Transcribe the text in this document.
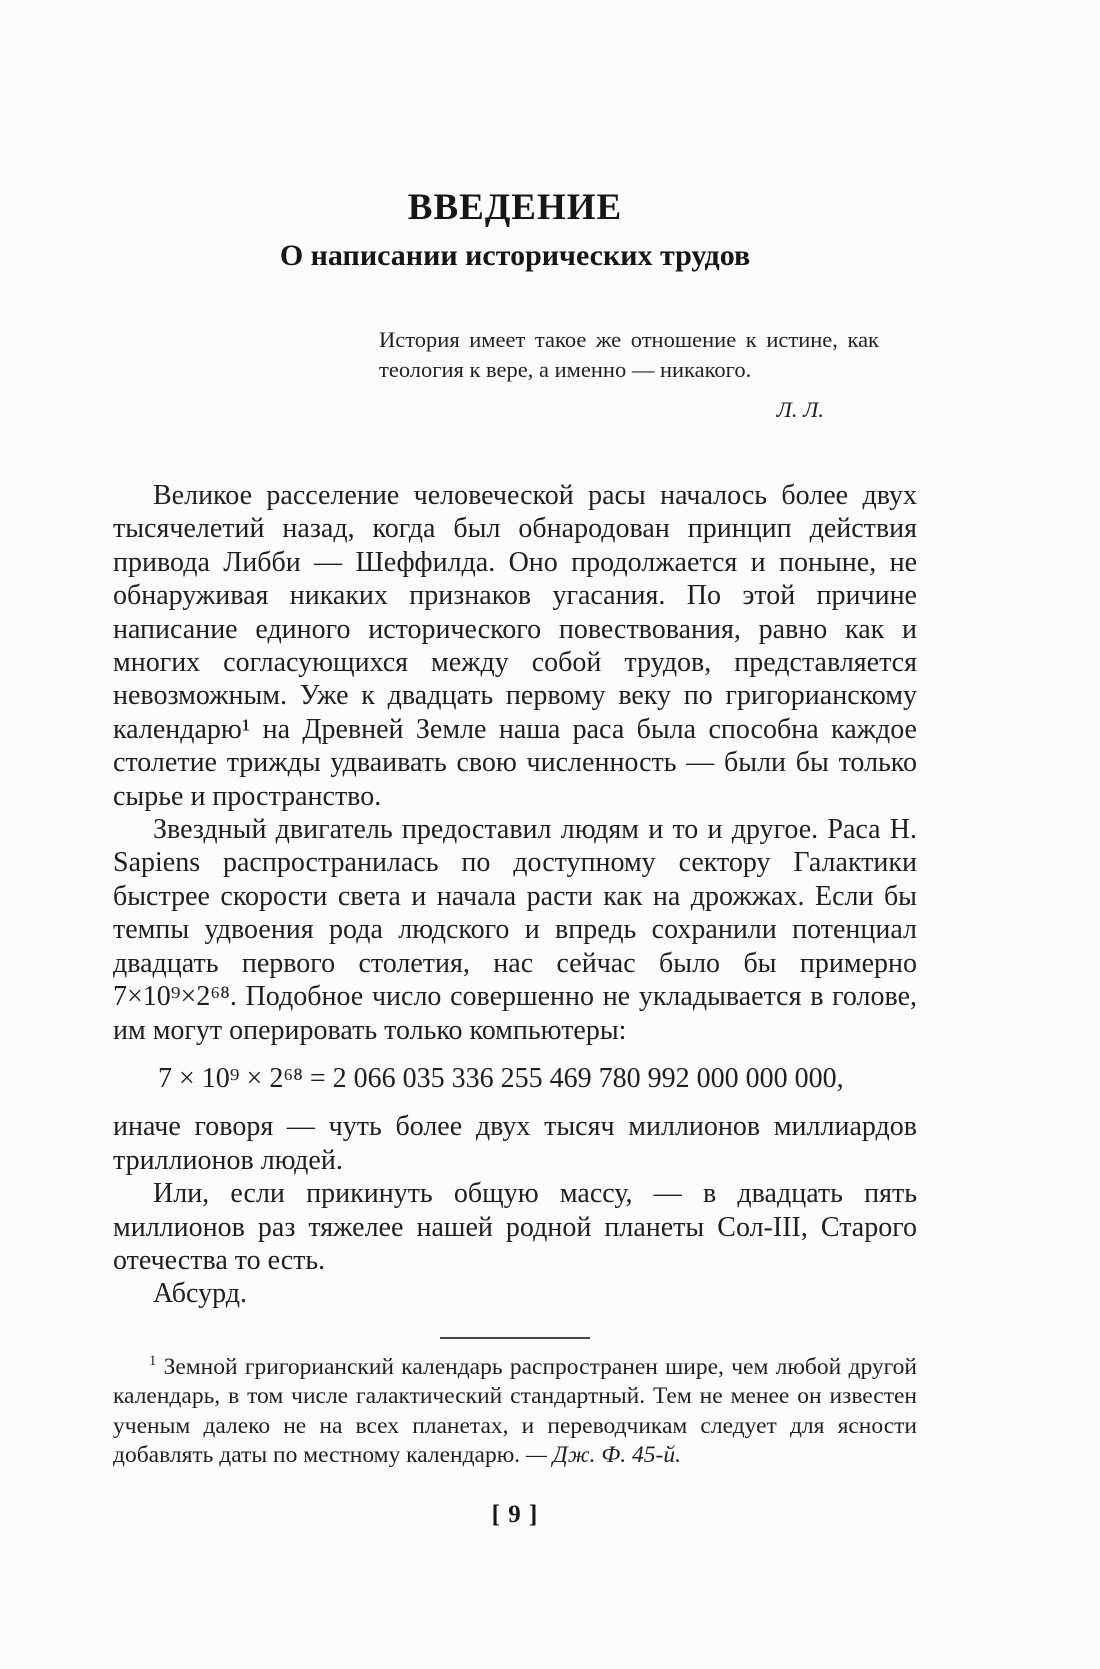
ВВЕДЕНИЕ
О написании исторических трудов

История имеет такое же отношение к истине, как теология к вере, а именно — никакого.

Л. Л.

Великое расселение человеческой расы началось более двух тысячелетий назад, когда был обнародован принцип действия привода Либби — Шеффилда. Оно продолжается и поныне, не обнаруживая никаких признаков угасания. По этой причине написание единого исторического повествования, равно как и многих согласующихся между собой трудов, представляется невозможным. Уже к двадцать первому веку по григорианскому календарю¹ на Древней Земле наша раса была способна каждое столетие трижды удваивать свою численность — были бы только сырье и пространство.

Звездный двигатель предоставил людям и то и другое. Раса H. Sapiens распространилась по доступному сектору Галактики быстрее скорости света и начала расти как на дрожжах. Если бы темпы удвоения рода людского и впредь сохранили потенциал двадцать первого столетия, нас сейчас было бы примерно 7×10⁹×2⁶⁸. Подобное число совершенно не укладывается в голове, им могут оперировать только компьютеры:

7 × 10⁹ × 2⁶⁸ = 2 066 035 336 255 469 780 992 000 000 000,

иначе говоря — чуть более двух тысяч миллионов миллиардов триллионов людей.

Или, если прикинуть общую массу, — в двадцать пять миллионов раз тяжелее нашей родной планеты Сол-III, Старого отечества то есть.

Абсурд.

$^1$ Земной григорианский календарь распространен шире, чем любой другой календарь, в том числе галактический стандартный. Тем не менее он известен ученым далеко не на всех планетах, и переводчикам следует для ясности добавлять даты по местному календарю. — Дж. Ф. 45-й.

[ 9 ]
